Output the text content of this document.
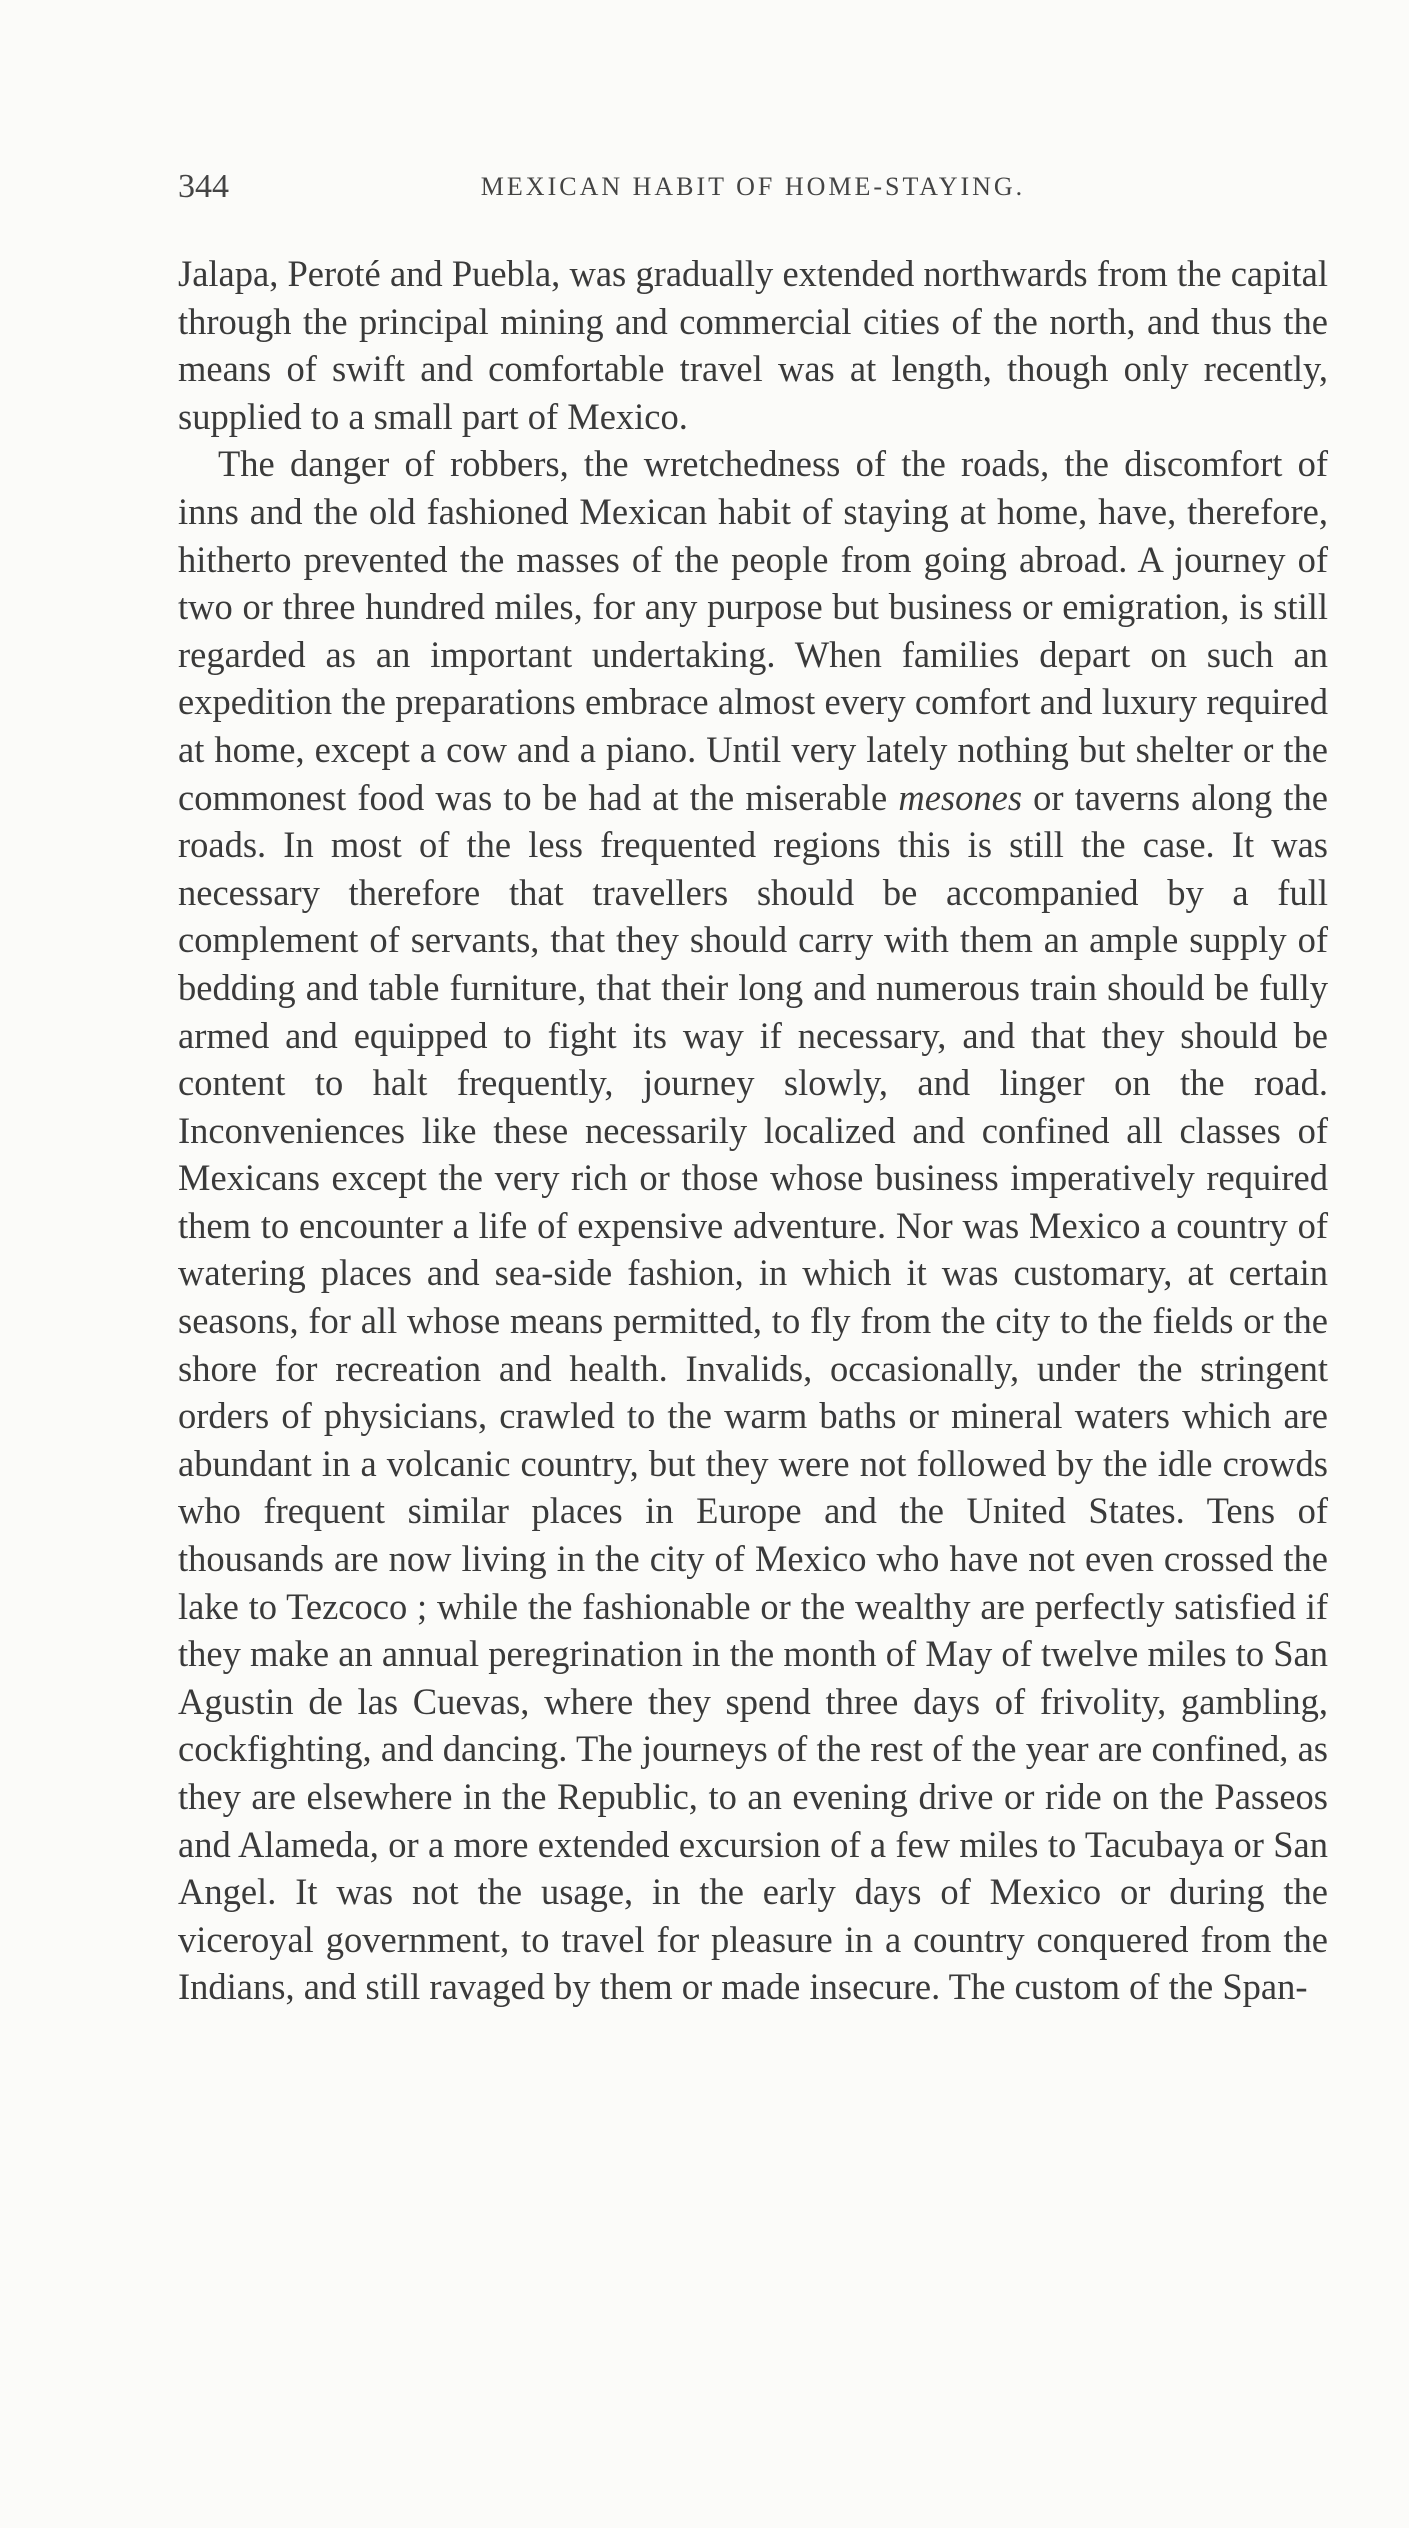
344	MEXICAN HABIT OF HOME-STAYING.

Jalapa, Peroté and Puebla, was gradually extended northwards from the capital through the principal mining and commercial cities of the north, and thus the means of swift and comfortable travel was at length, though only recently, supplied to a small part of Mexico.

The danger of robbers, the wretchedness of the roads, the discomfort of inns and the old fashioned Mexican habit of staying at home, have, therefore, hitherto prevented the masses of the people from going abroad. A journey of two or three hundred miles, for any purpose but business or emigration, is still regarded as an important undertaking. When families depart on such an expedition the preparations embrace almost every comfort and luxury required at home, except a cow and a piano. Until very lately nothing but shelter or the commonest food was to be had at the miserable mesones or taverns along the roads. In most of the less frequented regions this is still the case. It was necessary therefore that travellers should be accompanied by a full complement of servants, that they should carry with them an ample supply of bedding and table furniture, that their long and numerous train should be fully armed and equipped to fight its way if necessary, and that they should be content to halt frequently, journey slowly, and linger on the road. Inconveniences like these necessarily localized and confined all classes of Mexicans except the very rich or those whose business imperatively required them to encounter a life of expensive adventure. Nor was Mexico a country of watering places and sea-side fashion, in which it was customary, at certain seasons, for all whose means permitted, to fly from the city to the fields or the shore for recreation and health. Invalids, occasionally, under the stringent orders of physicians, crawled to the warm baths or mineral waters which are abundant in a volcanic country, but they were not followed by the idle crowds who frequent similar places in Europe and the United States. Tens of thousands are now living in the city of Mexico who have not even crossed the lake to Tezcoco ; while the fashionable or the wealthy are perfectly satisfied if they make an annual peregrination in the month of May of twelve miles to San Agustin de las Cuevas, where they spend three days of frivolity, gambling, cockfighting, and dancing. The journeys of the rest of the year are confined, as they are elsewhere in the Republic, to an evening drive or ride on the Passeos and Alameda, or a more extended excursion of a few miles to Tacubaya or San Angel. It was not the usage, in the early days of Mexico or during the viceroyal government, to travel for pleasure in a country conquered from the Indians, and still ravaged by them or made insecure. The custom of the Span-
